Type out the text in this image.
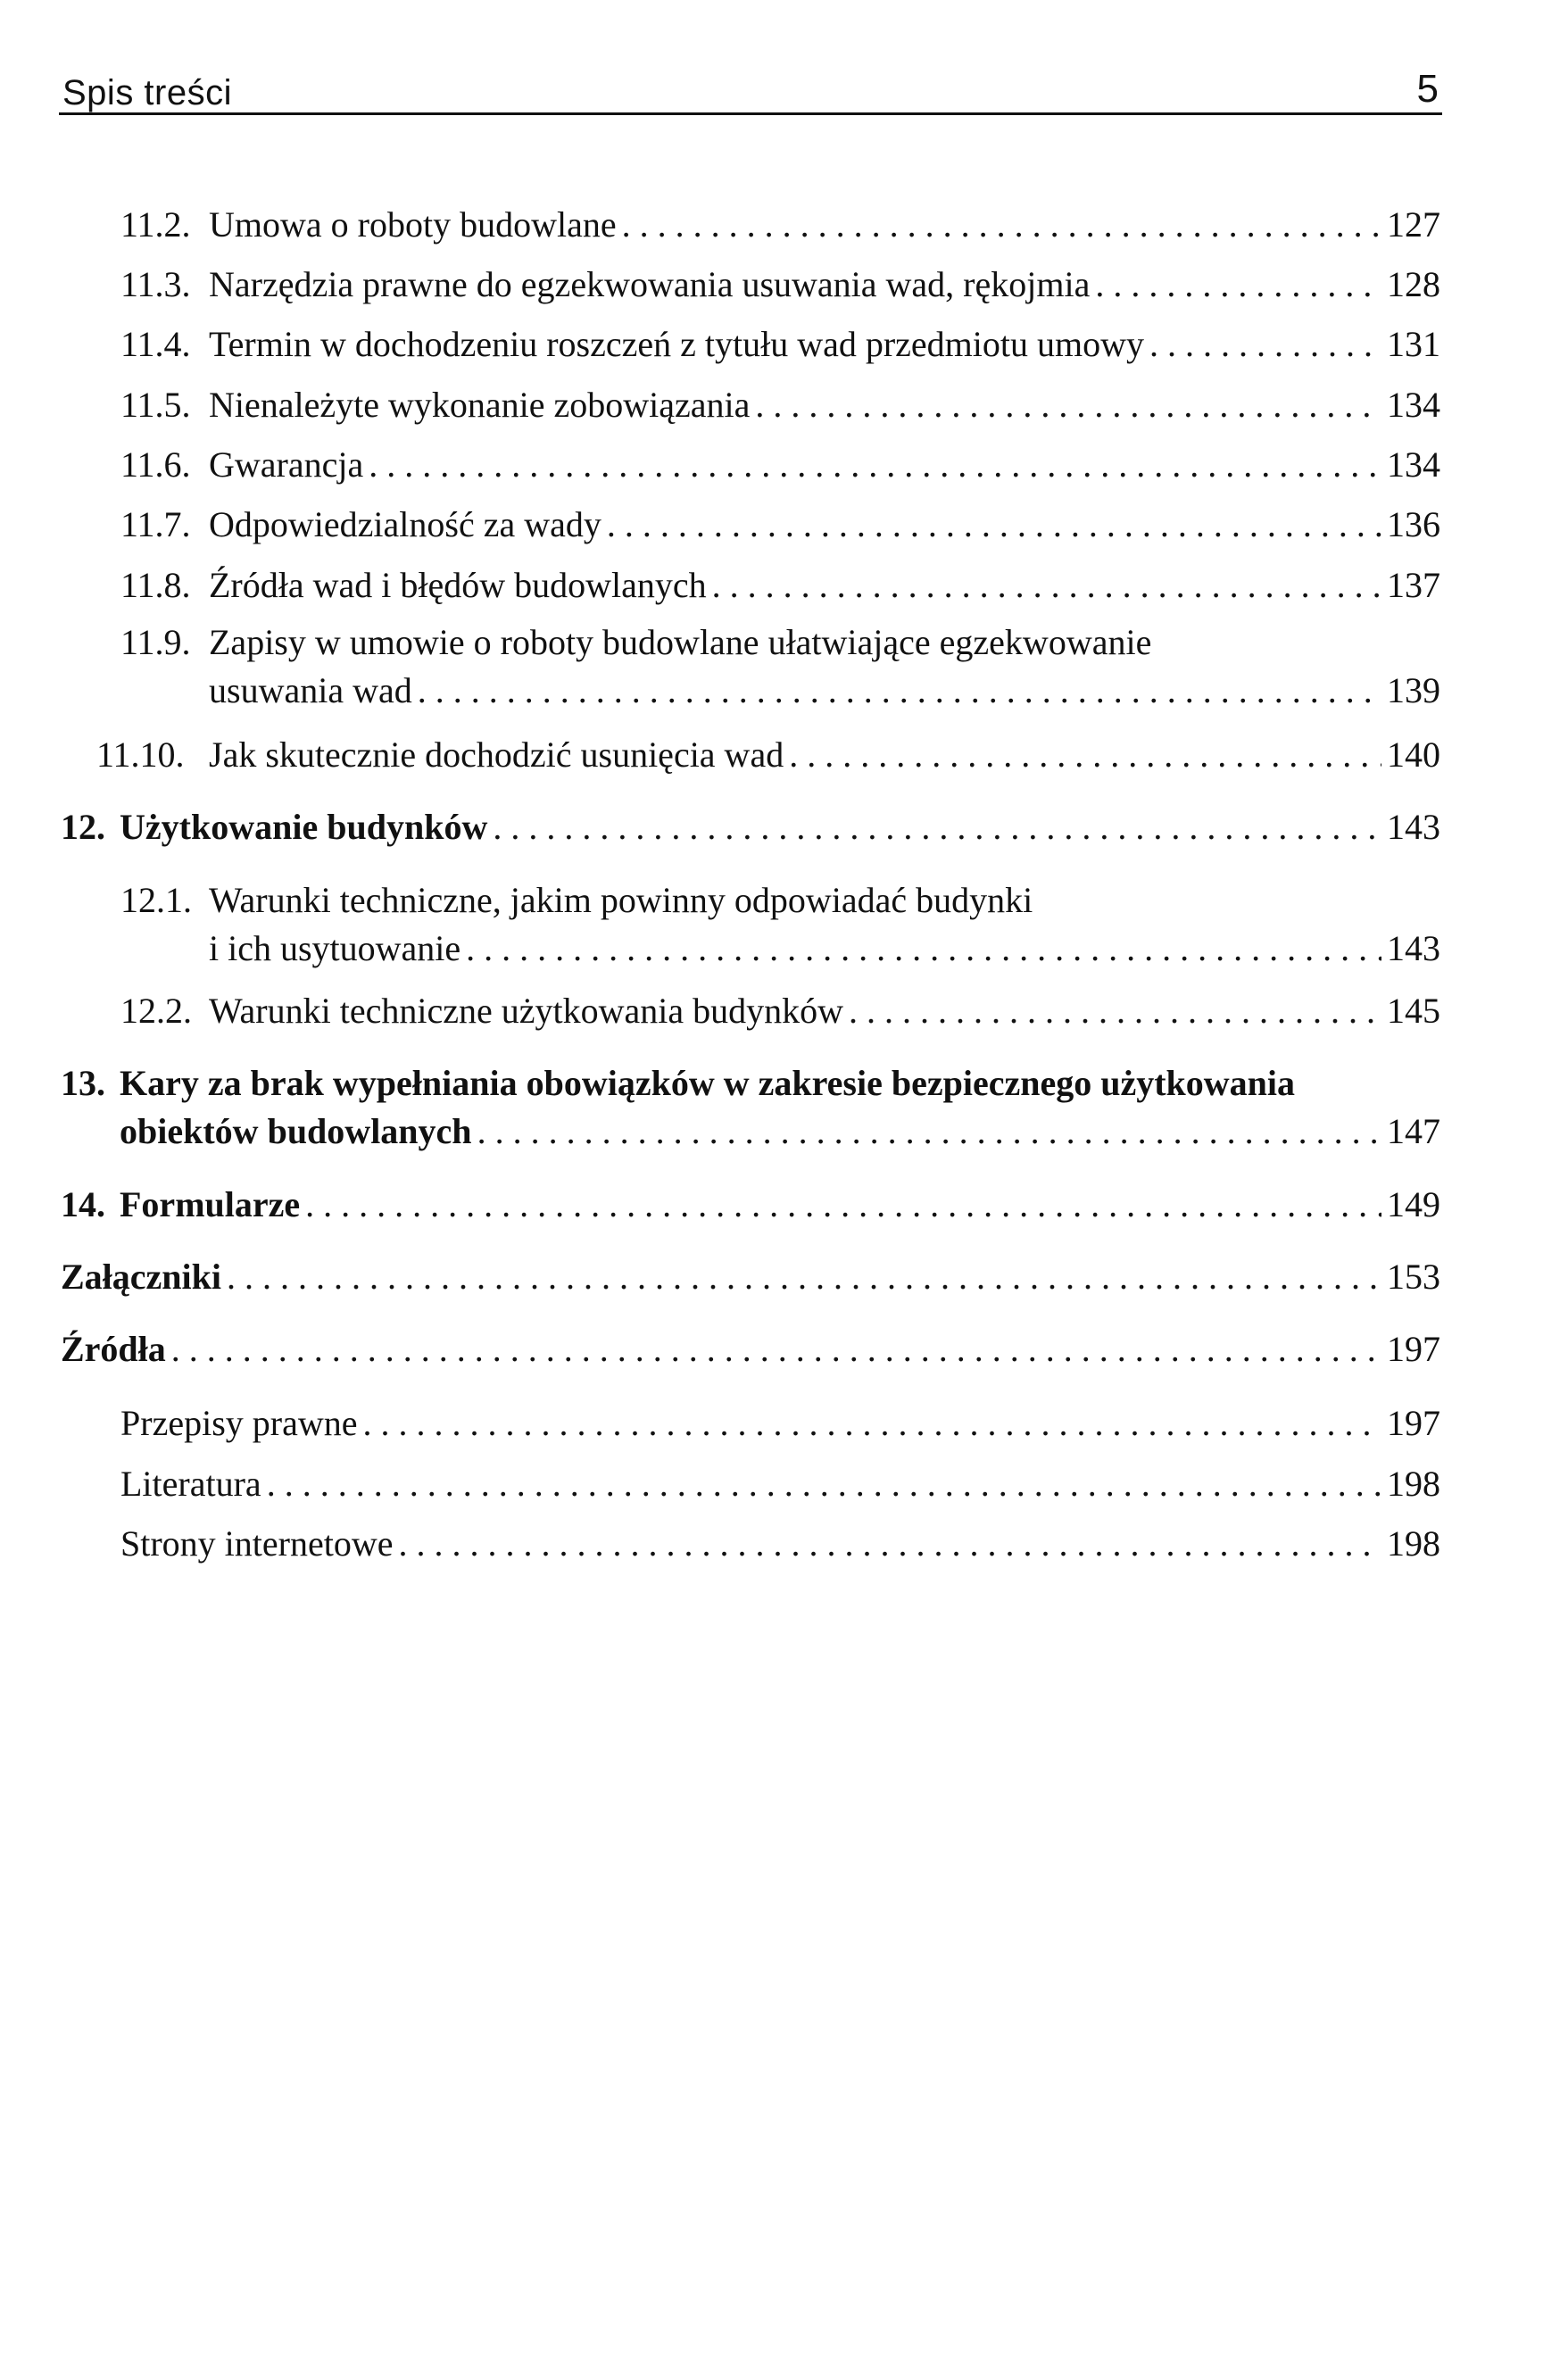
Spis treści	5
11.2. Umowa o roboty budowlane . . .	127
11.3. Narzędzia prawne do egzekwowania usuwania wad, rękojmia . . .	128
11.4. Termin w dochodzeniu roszczeń z tytułu wad przedmiotu umowy . . .	131
11.5. Nienależyte wykonanie zobowiązania . . .	134
11.6. Gwarancja . . .	134
11.7. Odpowiedzialność za wady . . .	136
11.8. Źródła wad i błędów budowlanych . . .	137
11.9. Zapisy w umowie o roboty budowlane ułatwiające egzekwowanie
usuwania wad . . .	139
11.10. Jak skutecznie dochodzić usunięcia wad . . .	140
12. Użytkowanie budynków . . .	143
12.1. Warunki techniczne, jakim powinny odpowiadać budynki
i ich usytuowanie . . .	143
12.2. Warunki techniczne użytkowania budynków . . .	145
13. Kary za brak wypełniania obowiązków w zakresie bezpiecznego użytkowania
obiektów budowlanych . . .	147
14. Formularze . . .	149
Załączniki . . .	153
Źródła . . .	197
Przepisy prawne . . .	197
Literatura . . .	198
Strony internetowe . . .	198
